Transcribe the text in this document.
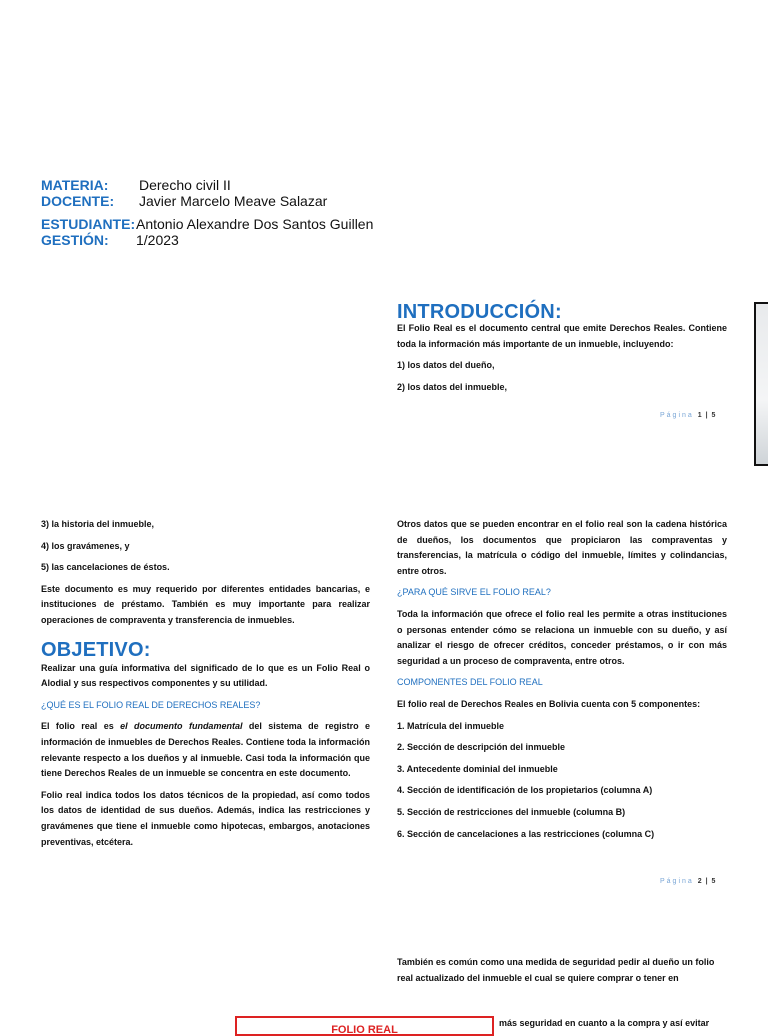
MATERIA: Derecho civil II
DOCENTE: Javier Marcelo Meave Salazar
ESTUDIANTE: Antonio Alexandre Dos Santos Guillen
GESTIÓN: 1/2023
INTRODUCCIÓN:

El Folio Real es el documento central que emite Derechos Reales. Contiene toda la información más importante de un inmueble, incluyendo:

1) los datos del dueño,

2) los datos del inmueble,

Página 1 | 5

3) la historia del inmueble,

4) los gravámenes, y

5) las cancelaciones de éstos.

Este documento es muy requerido por diferentes entidades bancarias, e instituciones de préstamo. También es muy importante para realizar operaciones de compraventa y transferencia de inmuebles.

OBJETIVO:

Realizar una guía informativa del significado de lo que es un Folio Real o Alodial y sus respectivos componentes y su utilidad.

¿QUÉ ES EL FOLIO REAL DE DERECHOS REALES?

El folio real es el documento fundamental del sistema de registro e información de inmuebles de Derechos Reales. Contiene toda la información relevante respecto a los dueños y al inmueble. Casi toda la información que tiene Derechos Reales de un inmueble se concentra en este documento.

Folio real indica todos los datos técnicos de la propiedad, así como todos los datos de identidad de sus dueños. Además, indica las restricciones y gravámenes que tiene el inmueble como hipotecas, embargos, anotaciones preventivas, etcétera.

Otros datos que se pueden encontrar en el folio real son la cadena histórica de dueños, los documentos que propiciaron las compraventas y transferencias, la matrícula o código del inmueble, límites y colindancias, entre otros.

¿PARA QUÉ SIRVE EL FOLIO REAL?

Toda la información que ofrece el folio real les permite a otras instituciones o personas entender cómo se relaciona un inmueble con su dueño, y así analizar el riesgo de ofrecer créditos, conceder préstamos, o ir con más seguridad a un proceso de compraventa, entre otros.

COMPONENTES DEL FOLIO REAL

El folio real de Derechos Reales en Bolivia cuenta con 5 componentes:

1. Matrícula del inmueble

2. Sección de descripción del inmueble

3. Antecedente dominial del inmueble

4. Sección de identificación de los propietarios (columna A)

5. Sección de restricciones del inmueble (columna B)

6. Sección de cancelaciones a las restricciones (columna C)

Página 2 | 5

También es común como una medida de seguridad pedir al dueño un folio

real actualizado del inmueble el cual se quiere comprar o tener en

más seguridad en cuanto a la compra y así evitar

FOLIO REAL
